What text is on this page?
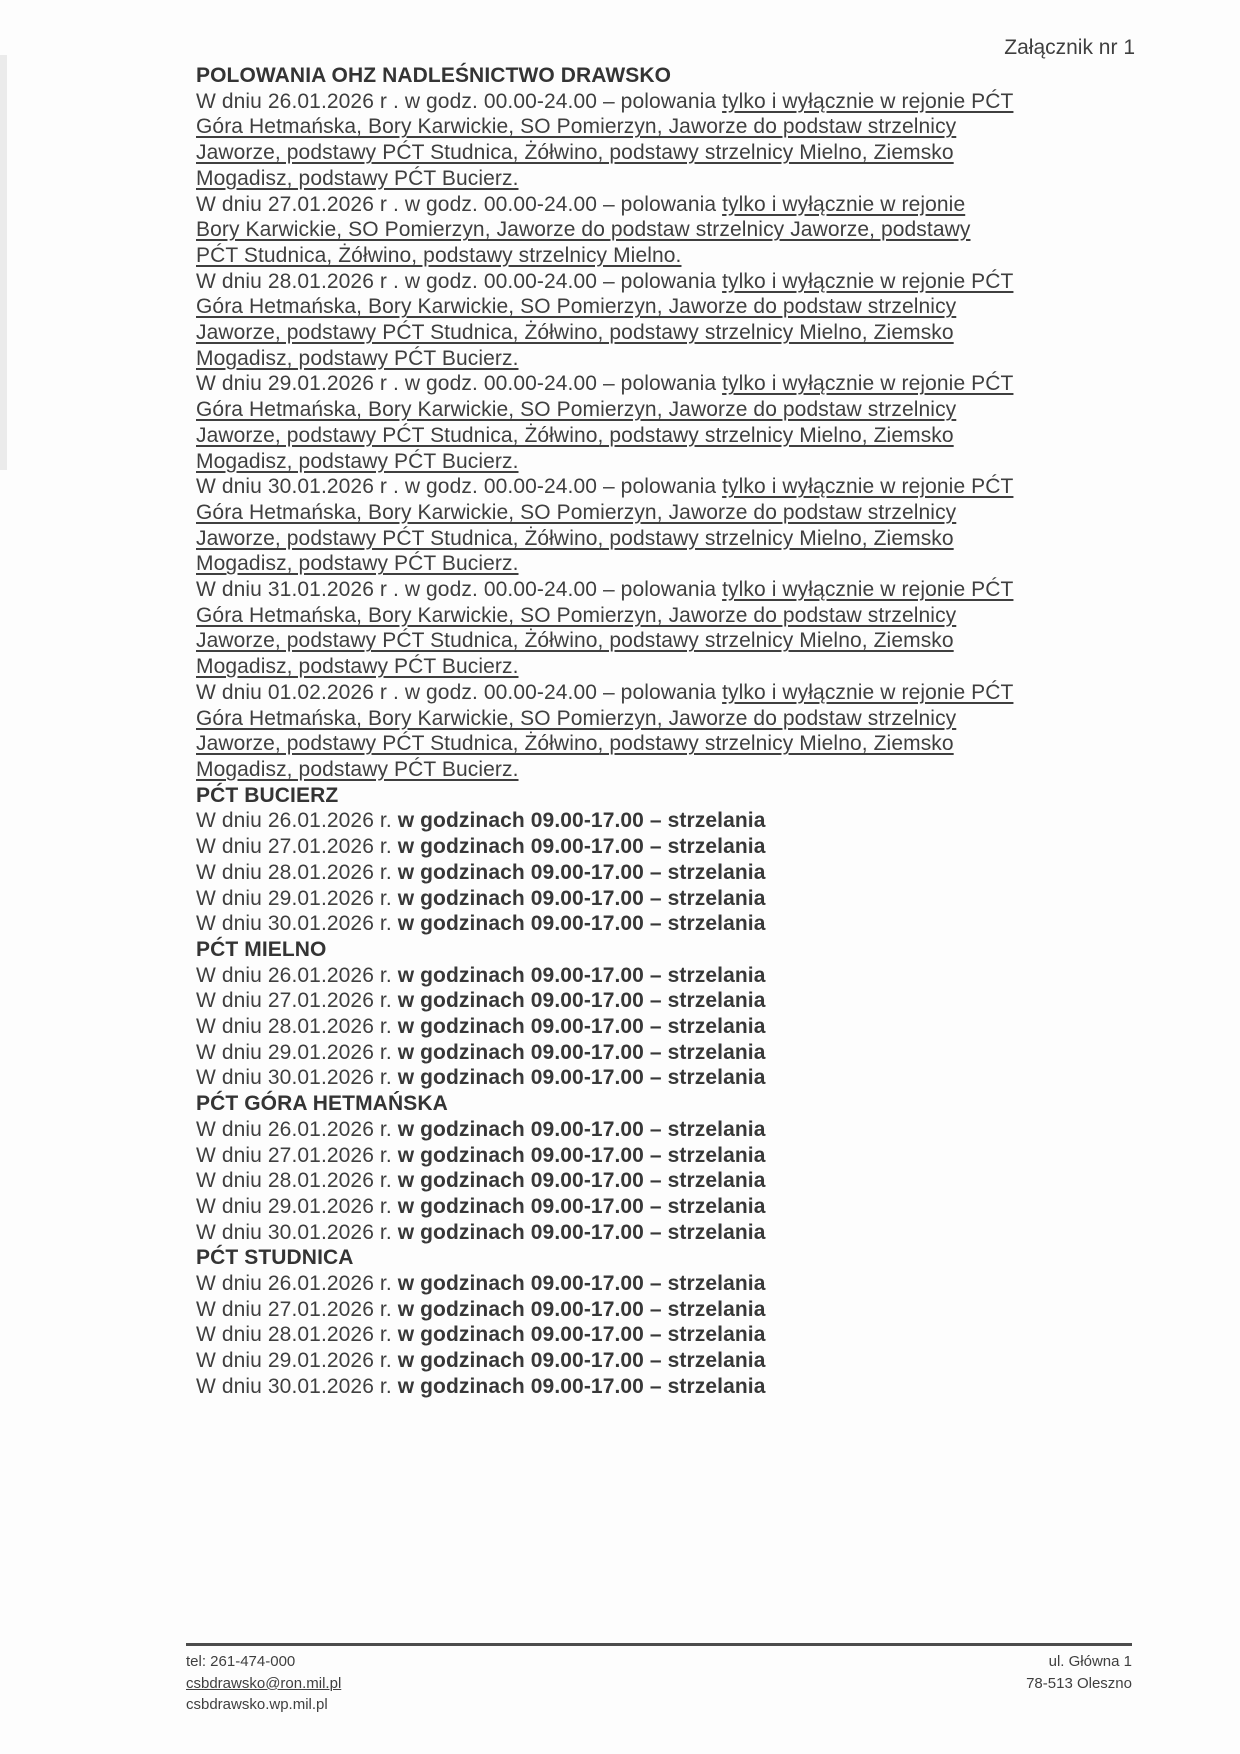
Załącznik nr 1
POLOWANIA OHZ NADLEŚNICTWO DRAWSKO
W dniu 26.01.2026 r . w godz. 00.00-24.00 – polowania tylko i wyłącznie w rejonie PĆT Góra Hetmańska, Bory Karwickie, SO Pomierzyn, Jaworze do podstaw strzelnicy Jaworze, podstawy PĆT Studnica, Żółwino, podstawy strzelnicy Mielno, Ziemsko Mogadisz, podstawy PĆT Bucierz.
W dniu 27.01.2026 r . w godz. 00.00-24.00 – polowania tylko i wyłącznie w rejonie Bory Karwickie, SO Pomierzyn, Jaworze do podstaw strzelnicy Jaworze, podstawy PĆT Studnica, Żółwino, podstawy strzelnicy Mielno.
W dniu 28.01.2026 r . w godz. 00.00-24.00 – polowania tylko i wyłącznie w rejonie PĆT Góra Hetmańska, Bory Karwickie, SO Pomierzyn, Jaworze do podstaw strzelnicy Jaworze, podstawy PĆT Studnica, Żółwino, podstawy strzelnicy Mielno, Ziemsko Mogadisz, podstawy PĆT Bucierz.
W dniu 29.01.2026 r . w godz. 00.00-24.00 – polowania tylko i wyłącznie w rejonie PĆT Góra Hetmańska, Bory Karwickie, SO Pomierzyn, Jaworze do podstaw strzelnicy Jaworze, podstawy PĆT Studnica, Żółwino, podstawy strzelnicy Mielno, Ziemsko Mogadisz, podstawy PĆT Bucierz.
W dniu 30.01.2026 r . w godz. 00.00-24.00 – polowania tylko i wyłącznie w rejonie PĆT Góra Hetmańska, Bory Karwickie, SO Pomierzyn, Jaworze do podstaw strzelnicy Jaworze, podstawy PĆT Studnica, Żółwino, podstawy strzelnicy Mielno, Ziemsko Mogadisz, podstawy PĆT Bucierz.
W dniu 31.01.2026 r . w godz. 00.00-24.00 – polowania tylko i wyłącznie w rejonie PĆT Góra Hetmańska, Bory Karwickie, SO Pomierzyn, Jaworze do podstaw strzelnicy Jaworze, podstawy PĆT Studnica, Żółwino, podstawy strzelnicy Mielno, Ziemsko Mogadisz, podstawy PĆT Bucierz.
W dniu 01.02.2026 r . w godz. 00.00-24.00 – polowania tylko i wyłącznie w rejonie PĆT Góra Hetmańska, Bory Karwickie, SO Pomierzyn, Jaworze do podstaw strzelnicy Jaworze, podstawy PĆT Studnica, Żółwino, podstawy strzelnicy Mielno, Ziemsko Mogadisz, podstawy PĆT Bucierz.
PĆT BUCIERZ
W dniu 26.01.2026 r. w godzinach 09.00-17.00 – strzelania
W dniu 27.01.2026 r. w godzinach 09.00-17.00 – strzelania
W dniu 28.01.2026 r. w godzinach 09.00-17.00 – strzelania
W dniu 29.01.2026 r. w godzinach 09.00-17.00 – strzelania
W dniu 30.01.2026 r. w godzinach 09.00-17.00 – strzelania
PĆT MIELNO
W dniu 26.01.2026 r. w godzinach 09.00-17.00 – strzelania
W dniu 27.01.2026 r. w godzinach 09.00-17.00 – strzelania
W dniu 28.01.2026 r. w godzinach 09.00-17.00 – strzelania
W dniu 29.01.2026 r. w godzinach 09.00-17.00 – strzelania
W dniu 30.01.2026 r. w godzinach 09.00-17.00 – strzelania
PĆT GÓRA HETMAŃSKA
W dniu 26.01.2026 r. w godzinach 09.00-17.00 – strzelania
W dniu 27.01.2026 r. w godzinach 09.00-17.00 – strzelania
W dniu 28.01.2026 r. w godzinach 09.00-17.00 – strzelania
W dniu 29.01.2026 r. w godzinach 09.00-17.00 – strzelania
W dniu 30.01.2026 r. w godzinach 09.00-17.00 – strzelania
PĆT STUDNICA
W dniu 26.01.2026 r. w godzinach 09.00-17.00 – strzelania
W dniu 27.01.2026 r. w godzinach 09.00-17.00 – strzelania
W dniu 28.01.2026 r. w godzinach 09.00-17.00 – strzelania
W dniu 29.01.2026 r. w godzinach 09.00-17.00 – strzelania
W dniu 30.01.2026 r. w godzinach 09.00-17.00 – strzelania
tel: 261-474-000
csbdrawsko@ron.mil.pl
csbdrawsko.wp.mil.pl
ul. Główna 1
78-513 Oleszno
